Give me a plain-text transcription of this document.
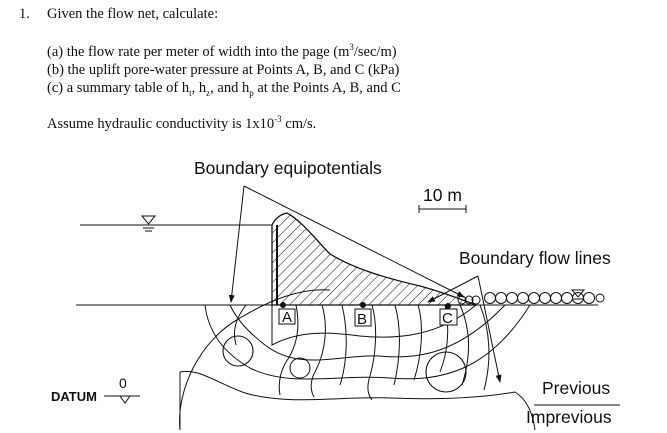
1. Given the flow net, calculate:
(a) the flow rate per meter of width into the page $(m^3/\sec/m)$
(b) the uplift pore-water pressure at Points A, B, and C (kPa)
(c) a summary table of $h_t$, $h_z$, and $h_p$ at the Points A, B, and C
Assume hydraulic conductivity is $1x10^{-3}$ cm/s.
A	B	C
Boundary equipotentials
10 m
Boundary flow lines
DATUM
0	Previous
Imprevious
